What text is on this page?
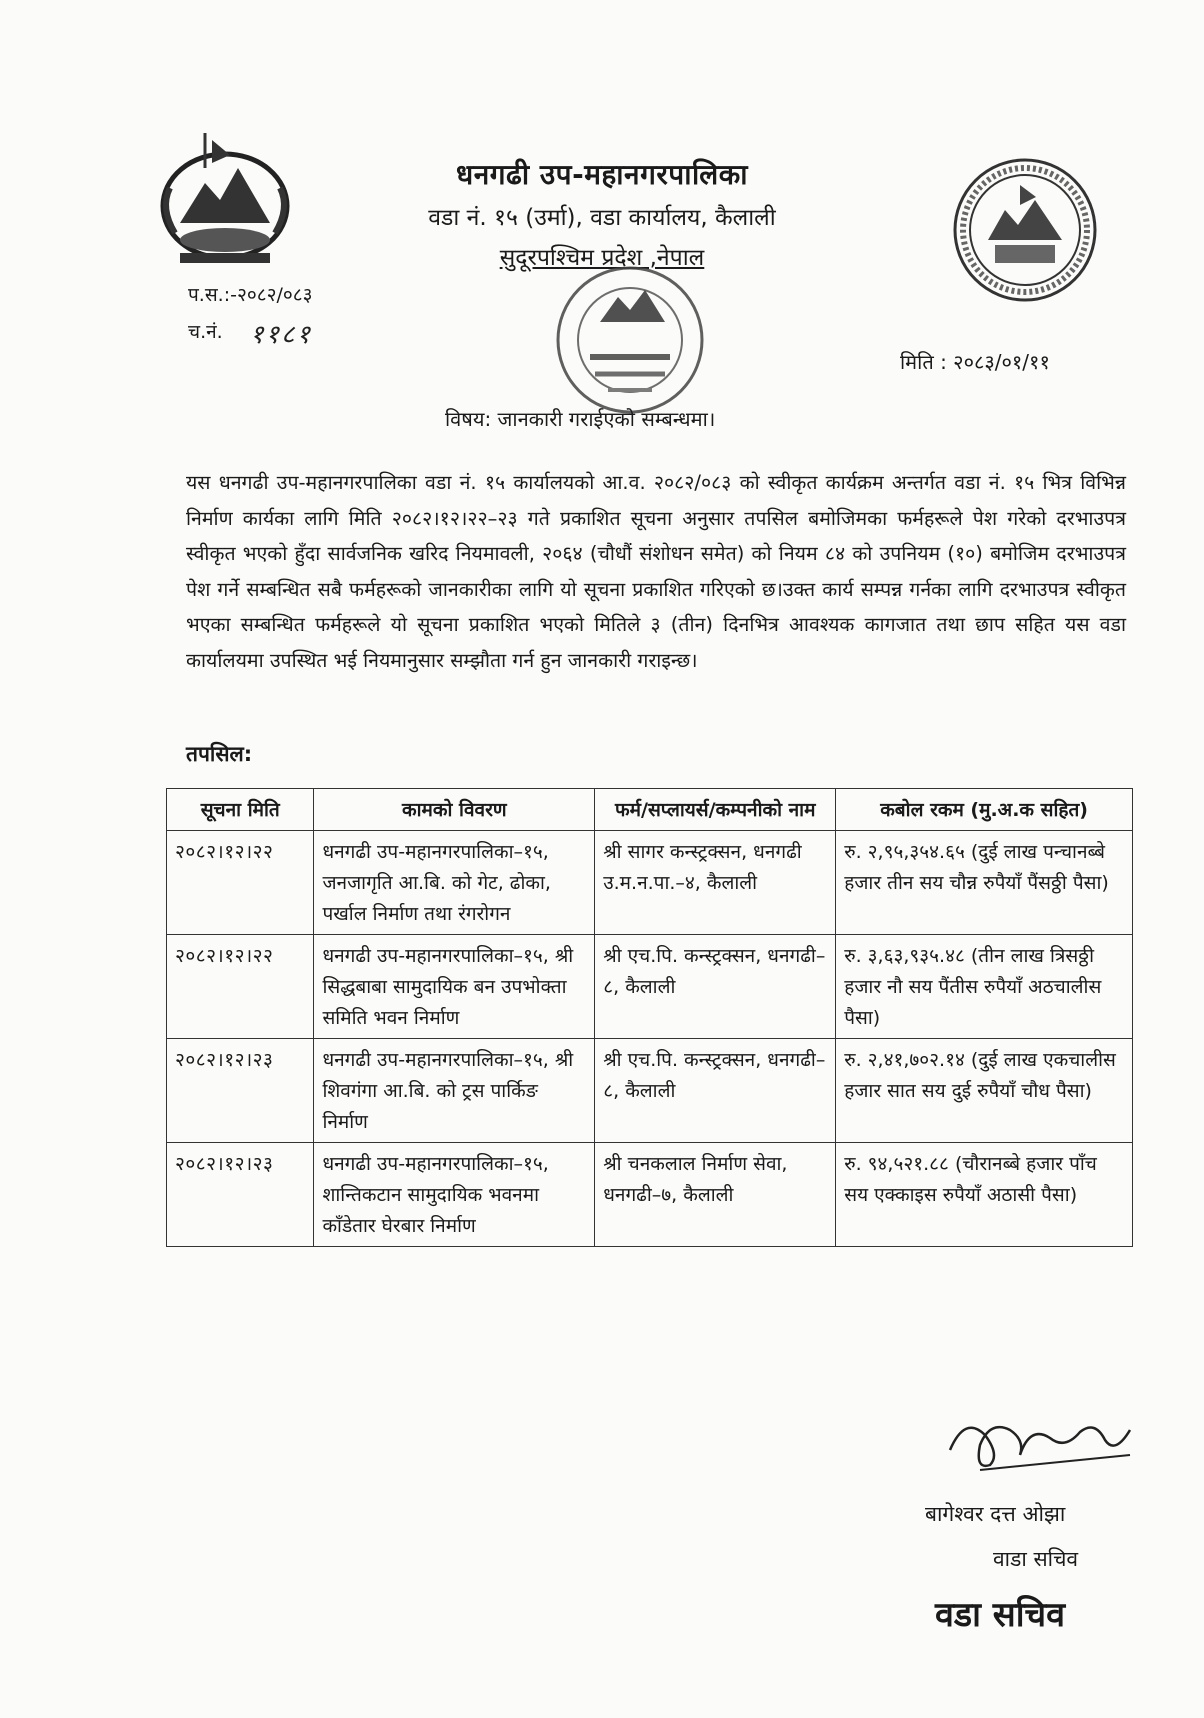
धनगढी उप-महानगरपालिका
वडा नं. १५ (उर्मा), वडा कार्यालय, कैलाली
सुदूरपश्चिम प्रदेश ,नेपाल
प.स.:-२०८२/०८३
च.नं. ११८१
मिति : २०८३/०१/११
विषय: जानकारी गराईएको सम्बन्धमा।
यस धनगढी उप-महानगरपालिका वडा नं. १५ कार्यालयको आ.व. २०८२/०८३ को स्वीकृत कार्यक्रम अन्तर्गत वडा नं. १५ भित्र विभिन्न निर्माण कार्यका लागि मिति २०८२।१२।२२–२३ गते प्रकाशित सूचना अनुसार तपसिल बमोजिमका फर्महरूले पेश गरेको दरभाउपत्र स्वीकृत भएको हुँदा सार्वजनिक खरिद नियमावली, २०६४ (चौधौं संशोधन समेत) को नियम ८४ को उपनियम (१०) बमोजिम दरभाउपत्र पेश गर्ने सम्बन्धित सबै फर्महरूको जानकारीका लागि यो सूचना प्रकाशित गरिएको छ।उक्त कार्य सम्पन्न गर्नका लागि दरभाउपत्र स्वीकृत भएका सम्बन्धित फर्महरूले यो सूचना प्रकाशित भएको मितिले ३ (तीन) दिनभित्र आवश्यक कागजात तथा छाप सहित यस वडा कार्यालयमा उपस्थित भई नियमानुसार सम्झौता गर्न हुन जानकारी गराइन्छ।
तपसिल:
सूचना मिति	कामको विवरण	फर्म/सप्लायर्स/कम्पनीको नाम	कबोल रकम (मु.अ.क सहित)
२०८२।१२।२२	धनगढी उप-महानगरपालिका–१५, जनजागृति आ.बि. को गेट, ढोका, पर्खाल निर्माण तथा रंगरोगन	श्री सागर कन्स्ट्रक्सन, धनगढी उ.म.न.पा.–४, कैलाली	रु. २,९५,३५४.६५ (दुई लाख पन्चानब्बे हजार तीन सय चौन्न रुपैयाँ पैंसठ्ठी पैसा)
२०८२।१२।२२	धनगढी उप-महानगरपालिका–१५, श्री सिद्धबाबा सामुदायिक बन उपभोक्ता समिति भवन निर्माण	श्री एच.पि. कन्स्ट्रक्सन, धनगढी–८, कैलाली	रु. ३,६३,९३५.४८ (तीन लाख त्रिसठ्ठी हजार नौ सय पैंतीस रुपैयाँ अठचालीस पैसा)
२०८२।१२।२३	धनगढी उप-महानगरपालिका–१५, श्री शिवगंगा आ.बि. को ट्रस पार्किङ निर्माण	श्री एच.पि. कन्स्ट्रक्सन, धनगढी–८, कैलाली	रु. २,४१,७०२.१४ (दुई लाख एकचालीस हजार सात सय दुई रुपैयाँ चौध पैसा)
२०८२।१२।२३	धनगढी उप-महानगरपालिका–१५, शान्तिकटान सामुदायिक भवनमा काँडेतार घेरबार निर्माण	श्री चनकलाल निर्माण सेवा, धनगढी–७, कैलाली	रु. ९४,५२१.८८ (चौरानब्बे हजार पाँच सय एक्काइस रुपैयाँ अठासी पैसा)
बागेश्वर दत्त ओझा
वाडा सचिव
वडा सचिव
